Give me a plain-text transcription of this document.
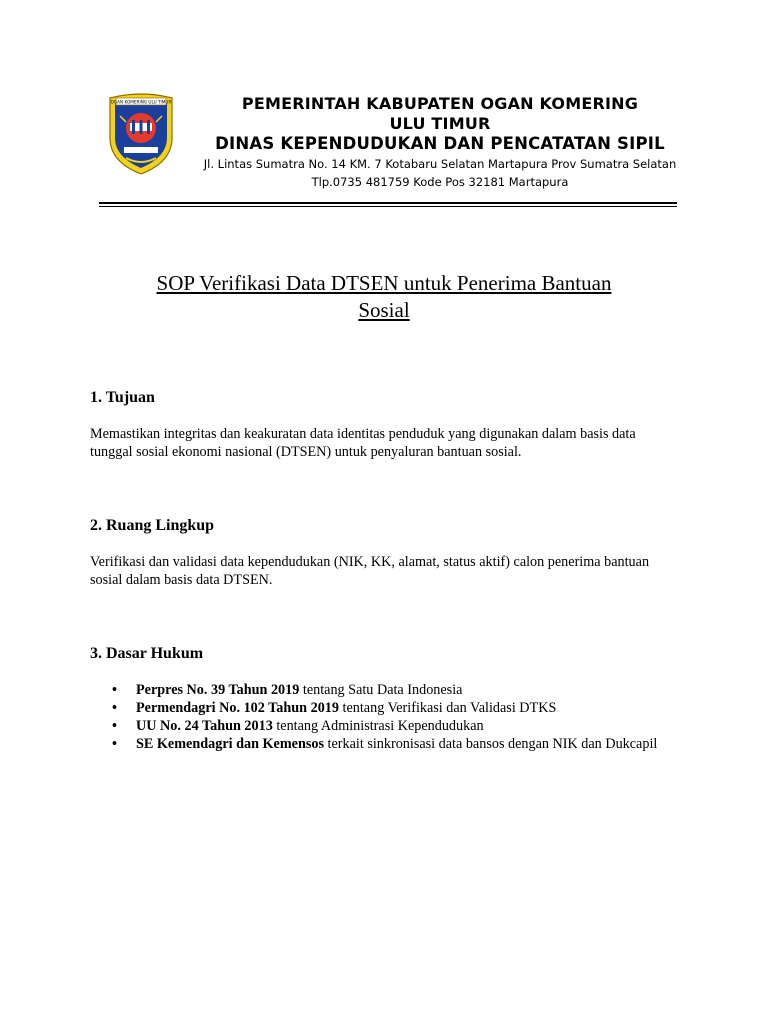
OGAN KOMERING ULU TIMUR	PEMERINTAH KABUPATEN OGAN KOMERING
ULU TIMUR
DINAS KEPENDUDUKAN DAN PENCATATAN SIPIL
Jl. Lintas Sumatra No. 14 KM. 7 Kotabaru Selatan Martapura Prov Sumatra Selatan
Tlp.0735 481759 Kode Pos 32181 Martapura
SOP Verifikasi Data DTSEN untuk Penerima Bantuan
Sosial
1. Tujuan
Memastikan integritas dan keakuratan data identitas penduduk yang digunakan dalam basis data tunggal sosial ekonomi nasional (DTSEN) untuk penyaluran bantuan sosial.
2. Ruang Lingkup
Verifikasi dan validasi data kependudukan (NIK, KK, alamat, status aktif) calon penerima bantuan sosial dalam basis data DTSEN.
3. Dasar Hukum
• Perpres No. 39 Tahun 2019 tentang Satu Data Indonesia
• Permendagri No. 102 Tahun 2019 tentang Verifikasi dan Validasi DTKS
• UU No. 24 Tahun 2013 tentang Administrasi Kependudukan
• SE Kemendagri dan Kemensos terkait sinkronisasi data bansos dengan NIK dan Dukcapil
